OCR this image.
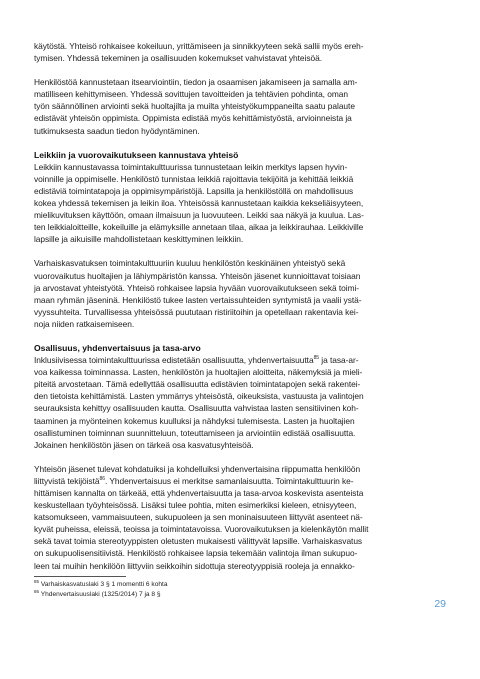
käytöstä. Yhteisö rohkaisee kokeiluun, yrittämiseen ja sinnikkyyteen sekä sallii myös ereh-

tymisen. Yhdessä tekeminen ja osallisuuden kokemukset vahvistavat yhteisöä.

Henkilöstöä kannustetaan itsearviointiin, tiedon ja osaamisen jakamiseen ja samalla am-

matilliseen kehittymiseen. Yhdessä sovittujen tavoitteiden ja tehtävien pohdinta, oman

työn säännöllinen arviointi sekä huoltajilta ja muilta yhteistyökumppaneilta saatu palaute

edistävät yhteisön oppimista. Oppimista edistää myös kehittämistyöstä, arvioinneista ja

tutkimuksesta saadun tiedon hyödyntäminen.

Leikkiin ja vuorovaikutukseen kannustava yhteisö

Leikkiin kannustavassa toimintakulttuurissa tunnustetaan leikin merkitys lapsen hyvin-

voinnille ja oppimiselle. Henkilöstö tunnistaa leikkiä rajoittavia tekijöitä ja kehittää leikkiä

edistäviä toimintatapoja ja oppimisympäristöjä. Lapsilla ja henkilöstöllä on mahdollisuus

kokea yhdessä tekemisen ja leikin iloa. Yhteisössä kannustetaan kaikkia kekseliäisyyteen,

mielikuvituksen käyttöön, omaan ilmaisuun ja luovuuteen. Leikki saa näkyä ja kuulua. Las-

ten leikkialoitteille, kokeiluille ja elämyksille annetaan tilaa, aikaa ja leikkirauhaa. Leikkiville

lapsille ja aikuisille mahdollistetaan keskittyminen leikkiin.

Varhaiskasvatuksen toimintakulttuuriin kuuluu henkilöstön keskinäinen yhteistyö sekä

vuorovaikutus huoltajien ja lähiympäristön kanssa. Yhteisön jäsenet kunnioittavat toisiaan

ja arvostavat yhteistyötä. Yhteisö rohkaisee lapsia hyvään vuorovaikutukseen sekä toimi-

maan ryhmän jäseninä. Henkilöstö tukee lasten vertaissuhteiden syntymistä ja vaalii ystä-

vyyssuhteita. Turvallisessa yhteisössä puututaan ristiriitoihin ja opetellaan rakentavia kei-

noja niiden ratkaisemiseen.

Osallisuus, yhdenvertaisuus ja tasa-arvo

Inklusiivisessa toimintakulttuurissa edistetään osallisuutta, yhdenvertaisuutta$^{85}$ ja tasa-ar-

voa kaikessa toiminnassa. Lasten, henkilöstön ja huoltajien aloitteita, näkemyksiä ja mieli-

piteitä arvostetaan. Tämä edellyttää osallisuutta edistävien toimintatapojen sekä rakentei-

den tietoista kehittämistä. Lasten ymmärrys yhteisöstä, oikeuksista, vastuusta ja valintojen

seurauksista kehittyy osallisuuden kautta. Osallisuutta vahvistaa lasten sensitiivinen koh-

taaminen ja myönteinen kokemus kuulluksi ja nähdyksi tulemisesta. Lasten ja huoltajien

osallistuminen toiminnan suunnitteluun, toteuttamiseen ja arviointiin edistää osallisuutta.

Jokainen henkilöstön jäsen on tärkeä osa kasvatusyhteisöä.

Yhteisön jäsenet tulevat kohdatuiksi ja kohdelluiksi yhdenvertaisina riippumatta henkilöön

liittyvistä tekijöistä$^{86}$. Yhdenvertaisuus ei merkitse samanlaisuutta. Toimintakulttuurin ke-

hittämisen kannalta on tärkeää, että yhdenvertaisuutta ja tasa-arvoa koskevista asenteista

keskustellaan työyhteisössä. Lisäksi tulee pohtia, miten esimerkiksi kieleen, etnisyyteen,

katsomukseen, vammaisuuteen, sukupuoleen ja sen moninaisuuteen liittyvät asenteet nä-

kyvät puheissa, eleissä, teoissa ja toimintatavoissa. Vuorovaikutuksen ja kielenkäytön mallit

sekä tavat toimia stereotyyppisten oletusten mukaisesti välittyvät lapsille. Varhaiskasvatus

on sukupuolisensitiivistä. Henkilöstö rohkaisee lapsia tekemään valintoja ilman sukupuo-

leen tai muihin henkilöön liittyviin seikkoihin sidottuja stereotyyppisiä rooleja ja ennakko-

$^{85}$ Varhaiskasvatuslaki 3 § 1 momentti 6 kohta

$^{86}$ Yhdenvertaisuuslaki (1325/2014) 7 ja 8 §

29
